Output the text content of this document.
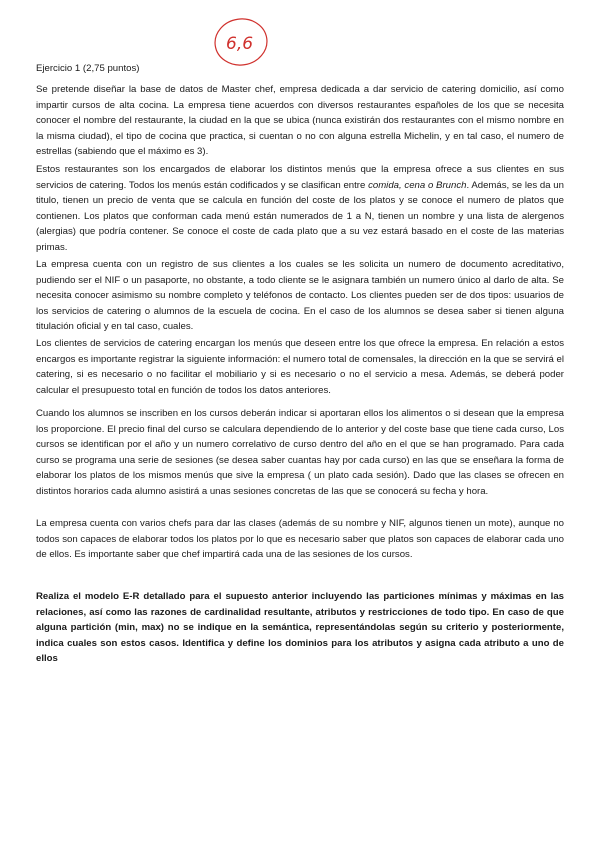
6,6

Ejercicio 1 (2,75 puntos)

Se pretende diseñar la base de datos de Master chef, empresa dedicada a dar servicio de catering domicilio, así como impartir cursos de alta cocina. La empresa tiene acuerdos con diversos restaurantes españoles de los que se necesita conocer el nombre del restaurante, la ciudad en la que se ubica (nunca existirán dos restaurantes con el mismo nombre en la misma ciudad), el tipo de cocina que practica, si cuentan o no con alguna estrella Michelin, y en tal caso, el numero de estrellas (sabiendo que el máximo es 3).

Estos restaurantes son los encargados de elaborar los distintos menús que la empresa ofrece a sus clientes en sus servicios de catering. Todos los menús están codificados y se clasifican entre comida, cena o Brunch. Además, se les da un titulo, tienen un precio de venta que se calcula en función del coste de los platos y se conoce el numero de platos que contienen. Los platos que conforman cada menú están numerados de 1 a N, tienen un nombre y una lista de alergenos (alergias) que podría contener. Se conoce el coste de cada plato que a su vez estará basado en el coste de las materias primas.

La empresa cuenta con un registro de sus clientes a los cuales se les solicita un numero de documento acreditativo, pudiendo ser el NIF o un pasaporte, no obstante, a todo cliente se le asignara también un numero único al darlo de alta. Se necesita conocer asimismo su nombre completo y teléfonos de contacto. Los clientes pueden ser de dos tipos: usuarios de los servicios de catering o alumnos de la escuela de cocina. En el caso de los alumnos se desea saber si tienen alguna titulación oficial y en tal caso, cuales.

Los clientes de servicios de catering encargan los menús que deseen entre los que ofrece la empresa. En relación a estos encargos es importante registrar la siguiente información: el numero total de comensales, la dirección en la que se servirá el catering, si es necesario o no facilitar el mobiliario y si es necesario o no el servicio a mesa. Además, se deberá poder calcular el presupuesto total en función de todos los datos anteriores.

Cuando los alumnos se inscriben en los cursos deberán indicar si aportaran ellos los alimentos o si desean que la empresa los proporcione. El precio final del curso se calculara dependiendo de lo anterior y del coste base que tiene cada curso, Los cursos se identifican por el año y un numero correlativo de curso dentro del año en el que se han programado. Para cada curso se programa una serie de sesiones (se desea saber cuantas hay por cada curso) en las que se enseñara la forma de elaborar los platos de los mismos menús que sive la empresa ( un plato cada sesión). Dado que las clases se ofrecen en distintos horarios cada alumno asistirá a unas sesiones concretas de las que se conocerá su fecha y hora.

La empresa cuenta con varios chefs para dar las clases (además de su nombre y NIF, algunos tienen un mote), aunque no todos son capaces de elaborar todos los platos por lo que es necesario saber que platos son capaces de elaborar cada uno de ellos. Es importante saber que chef impartirá cada una de las sesiones de los cursos.

Realiza el modelo E-R detallado para el supuesto anterior incluyendo las particiones mínimas y máximas en las relaciones, así como las razones de cardinalidad resultante, atributos y restricciones de todo tipo. En caso de que alguna partición (min, max) no se indique en la semántica, representándolas según su criterio y posteriormente, indica cuales son estos casos. Identifica y define los dominios para los atributos y asigna cada atributo a uno de ellos
